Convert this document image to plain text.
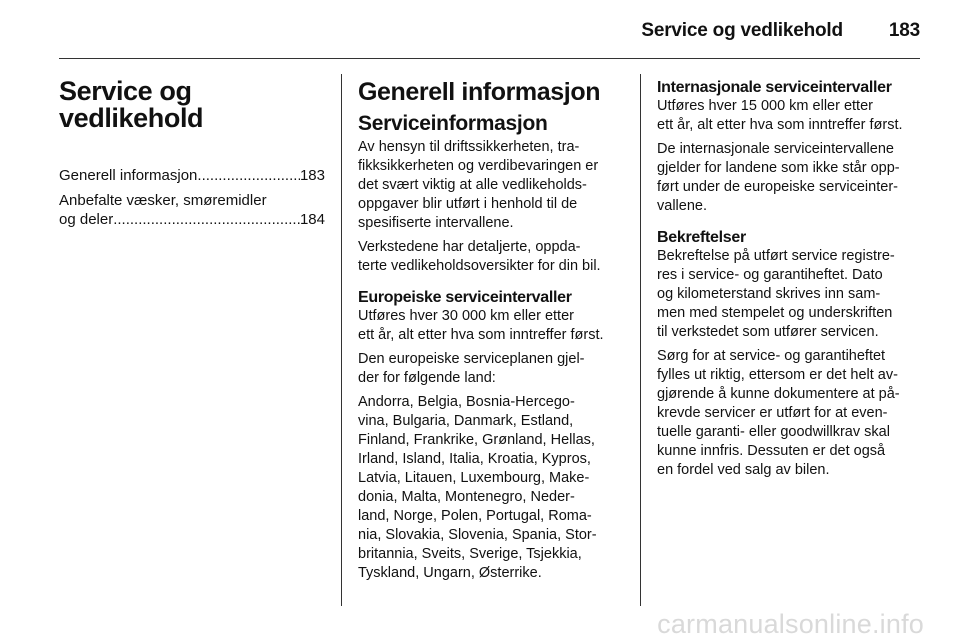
Service og vedlikehold 183
Service og
vedlikehold
Generell informasjon .....	183
Anbefalte væsker, smøremidler
og deler .....	184
Generell informasjon
Serviceinformasjon
Av hensyn til driftssikkerheten, tra-
fikksikkerheten og verdibevaringen er
det svært viktig at alle vedlikeholds-
oppgaver blir utført i henhold til de
spesifiserte intervallene.
Verkstedene har detaljerte, oppda-
terte vedlikeholdsoversikter for din bil.
Europeiske serviceintervaller
Utføres hver 30 000 km eller etter
ett år, alt etter hva som inntreffer først.
Den europeiske serviceplanen gjel-
der for følgende land:
Andorra, Belgia, Bosnia-Hercego-
vina, Bulgaria, Danmark, Estland,
Finland, Frankrike, Grønland, Hellas,
Irland, Island, Italia, Kroatia, Kypros,
Latvia, Litauen, Luxembourg, Make-
donia, Malta, Montenegro, Neder-
land, Norge, Polen, Portugal, Roma-
nia, Slovakia, Slovenia, Spania, Stor-
britannia, Sveits, Sverige, Tsjekkia,
Tyskland, Ungarn, Østerrike.
Internasjonale serviceintervaller
Utføres hver 15 000 km eller etter
ett år, alt etter hva som inntreffer først.
De internasjonale serviceintervallene
gjelder for landene som ikke står opp-
ført under de europeiske serviceinter-
vallene.
Bekreftelser
Bekreftelse på utført service registre-
res i service- og garantiheftet. Dato
og kilometerstand skrives inn sam-
men med stempelet og underskriften
til verkstedet som utfører servicen.
Sørg for at service- og garantiheftet
fylles ut riktig, ettersom er det helt av-
gjørende å kunne dokumentere at på-
krevde servicer er utført for at even-
tuelle garanti- eller goodwillkrav skal
kunne innfris. Dessuten er det også
en fordel ved salg av bilen.
carmanualsonline.info
